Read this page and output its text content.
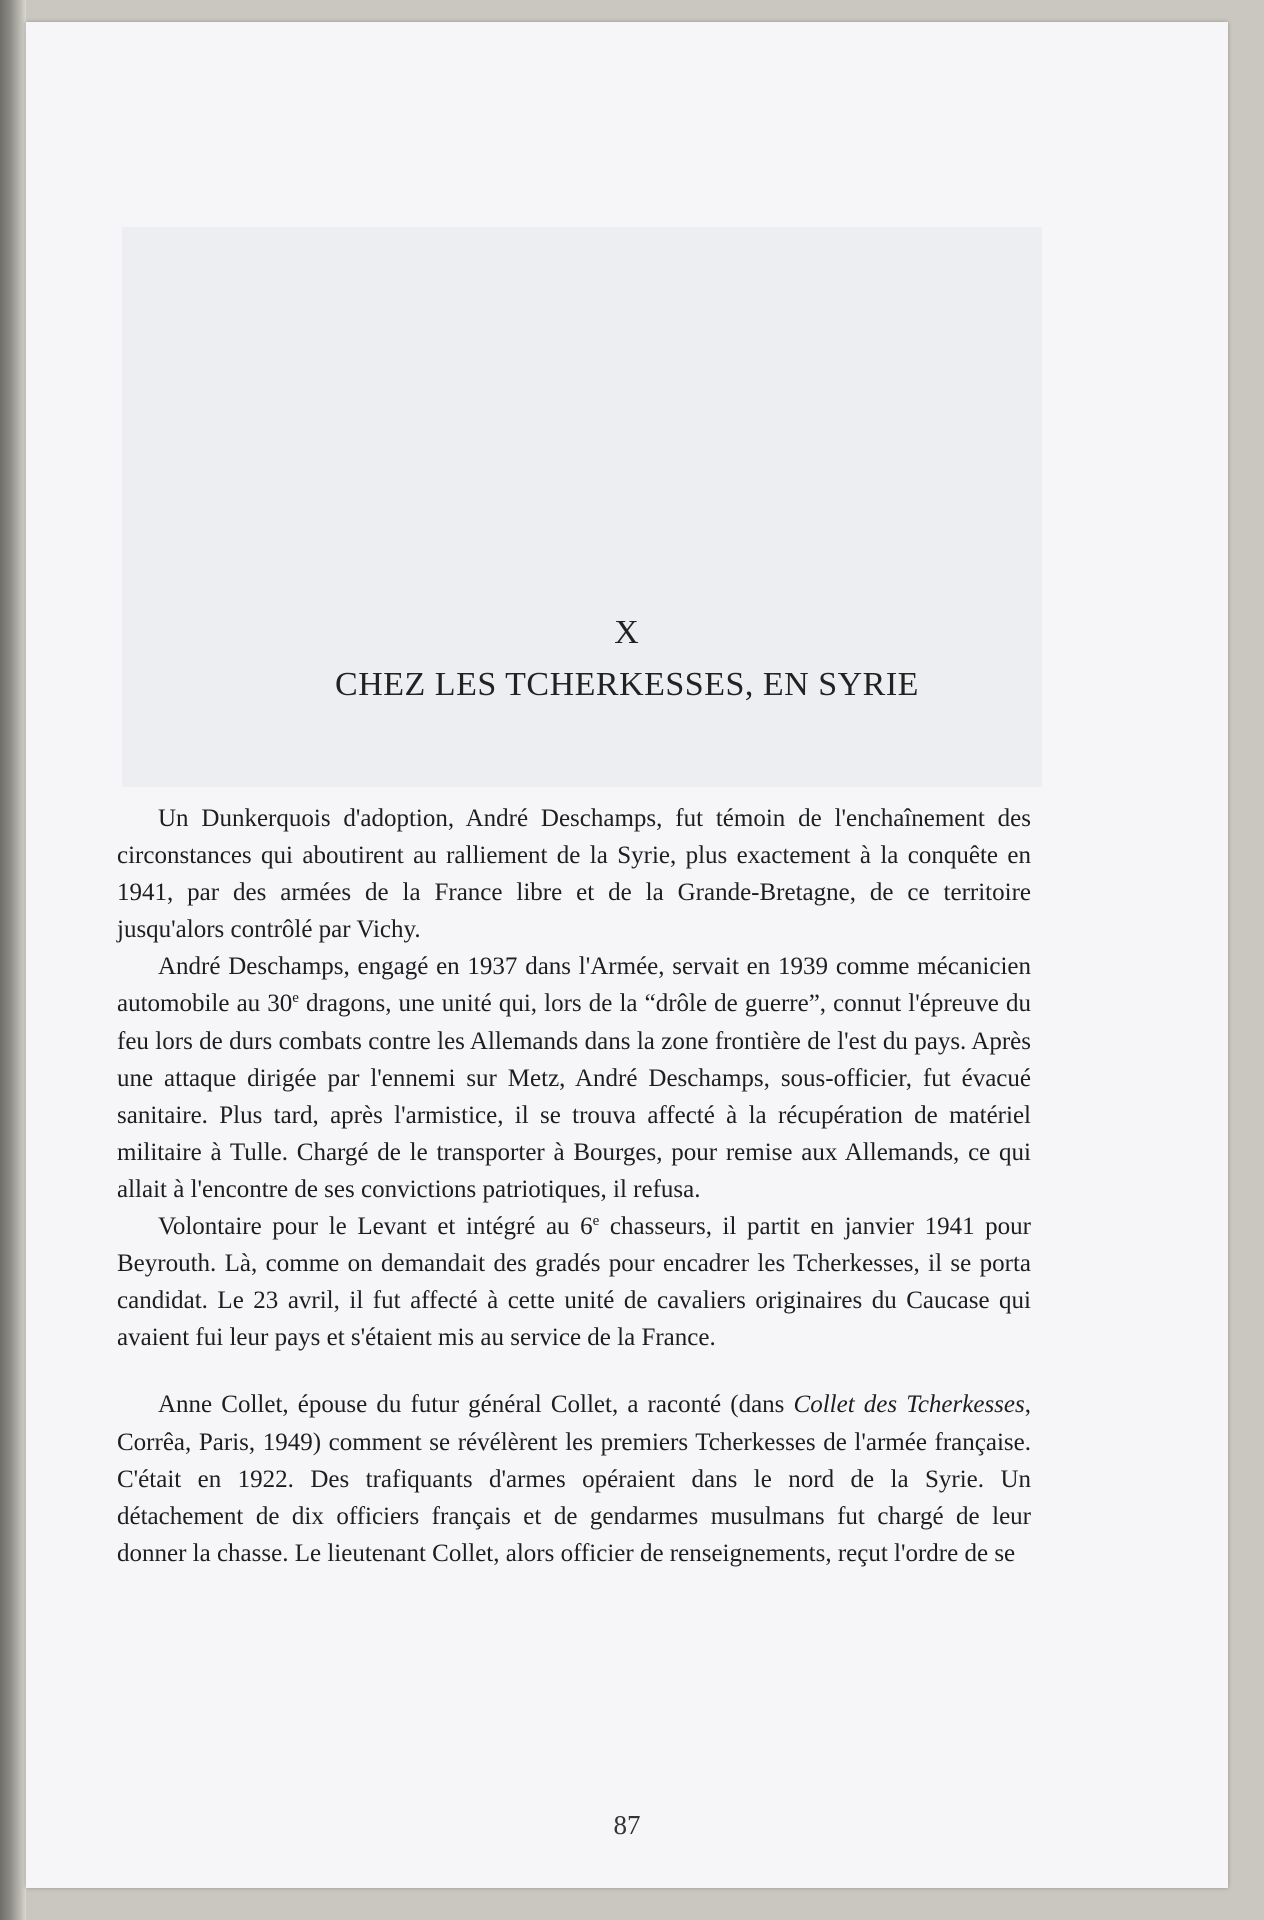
X
CHEZ LES TCHERKESSES, EN SYRIE

Un Dunkerquois d'adoption, André Deschamps, fut témoin de l'enchaînement des circonstances qui aboutirent au ralliement de la Syrie, plus exactement à la conquête en 1941, par des armées de la France libre et de la Grande-Bretagne, de ce territoire jusqu'alors contrôlé par Vichy.

André Deschamps, engagé en 1937 dans l'Armée, servait en 1939 comme mécanicien automobile au 30e dragons, une unité qui, lors de la “drôle de guerre”, connut l'épreuve du feu lors de durs combats contre les Allemands dans la zone frontière de l'est du pays. Après une attaque dirigée par l'ennemi sur Metz, André Deschamps, sous-officier, fut évacué sanitaire. Plus tard, après l'armistice, il se trouva affecté à la récupération de matériel militaire à Tulle. Chargé de le transporter à Bourges, pour remise aux Allemands, ce qui allait à l'encontre de ses convictions patriotiques, il refusa.

Volontaire pour le Levant et intégré au 6e chasseurs, il partit en janvier 1941 pour Beyrouth. Là, comme on demandait des gradés pour encadrer les Tcherkesses, il se porta candidat. Le 23 avril, il fut affecté à cette unité de cavaliers originaires du Caucase qui avaient fui leur pays et s'étaient mis au service de la France.

Anne Collet, épouse du futur général Collet, a raconté (dans Collet des Tcherkesses, Corrêa, Paris, 1949) comment se révélèrent les premiers Tcherkesses de l'armée française. C'était en 1922. Des trafiquants d'armes opéraient dans le nord de la Syrie. Un détachement de dix officiers français et de gendarmes musulmans fut chargé de leur donner la chasse. Le lieutenant Collet, alors officier de renseignements, reçut l'ordre de se

87
